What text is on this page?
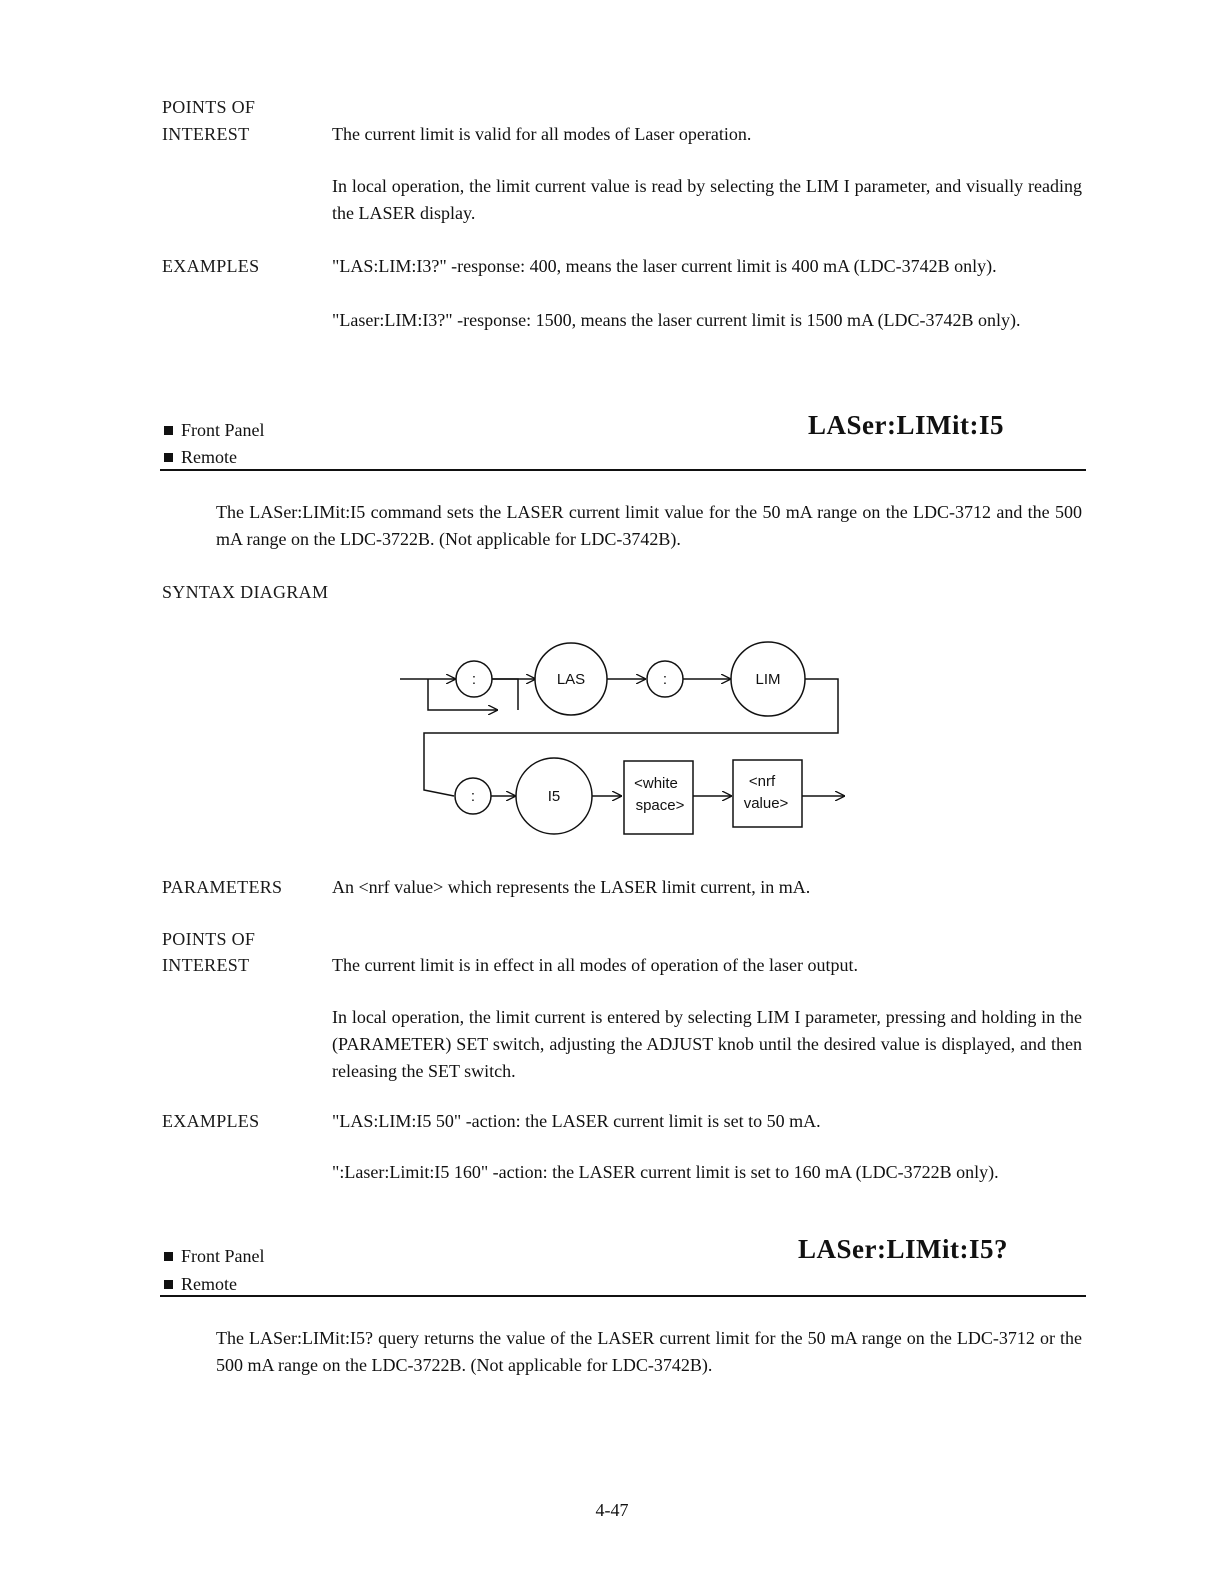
POINTS OF
INTEREST	The current limit is valid for all modes of Laser operation.
In local operation, the limit current value is read by selecting the LIM I parameter, and visually reading the LASER display.
EXAMPLES	"LAS:LIM:I3?" -response: 400, means the laser current limit is 400 mA (LDC-3742B only).
"Laser:LIM:I3?" -response: 1500, means the laser current limit is 1500 mA (LDC-3742B only).
Front Panel
Remote
LASer:LIMit:I5
The LASer:LIMit:I5 command sets the LASER current limit value for the 50 mA range on the LDC-3712 and the 500 mA range on the LDC-3722B. (Not applicable for LDC-3742B).
SYNTAX DIAGRAM
:	LAS	:	LIM
:	I5
<white
space>
<nrf
value>
PARAMETERS	An <nrf value> which represents the LASER limit current, in mA.
POINTS OF
INTEREST	The current limit is in effect in all modes of operation of the laser output.
In local operation, the limit current is entered by selecting LIM I parameter, pressing and holding in the (PARAMETER) SET switch, adjusting the ADJUST knob until the desired value is displayed, and then releasing the SET switch.
EXAMPLES	"LAS:LIM:I5 50" -action: the LASER current limit is set to 50 mA.
":Laser:Limit:I5 160" -action: the LASER current limit is set to 160 mA (LDC-3722B only).
Front Panel
Remote
LASer:LIMit:I5?
The LASer:LIMit:I5? query returns the value of the LASER current limit for the 50 mA range on the LDC-3712 or the 500 mA range on the LDC-3722B. (Not applicable for LDC-3742B).
4-47
